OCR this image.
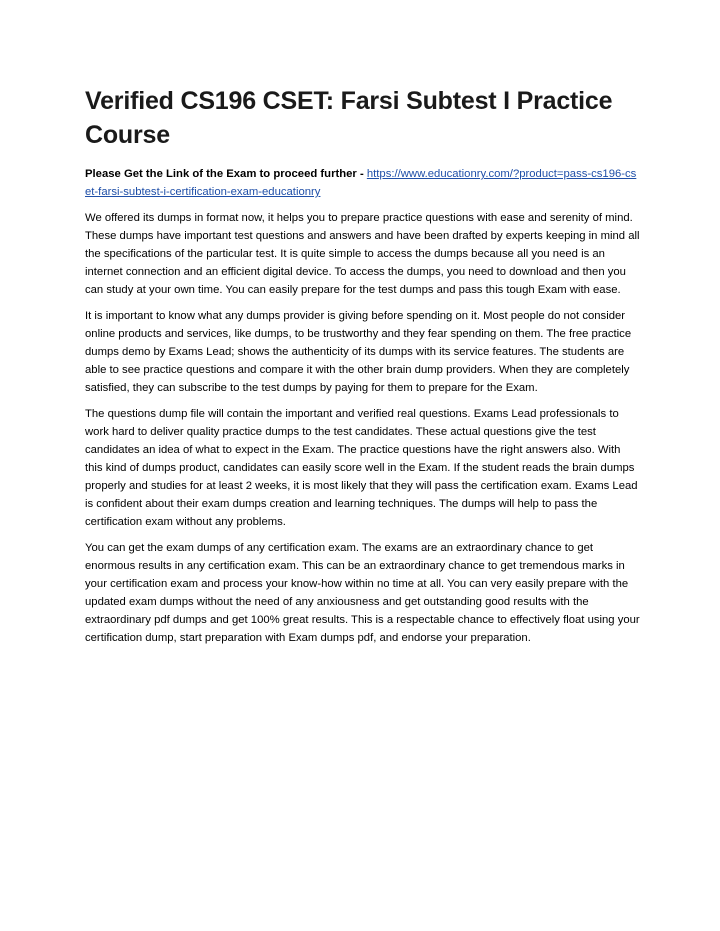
Verified CS196 CSET: Farsi Subtest I Practice Course

Please Get the Link of the Exam to proceed further - https://www.educationry.com/?product=pass-cs196-cset-farsi-subtest-i-certification-exam-educationry

We offered its dumps in format now, it helps you to prepare practice questions with ease and serenity of mind. These dumps have important test questions and answers and have been drafted by experts keeping in mind all the specifications of the particular test. It is quite simple to access the dumps because all you need is an internet connection and an efficient digital device. To access the dumps, you need to download and then you can study at your own time. You can easily prepare for the test dumps and pass this tough Exam with ease.

It is important to know what any dumps provider is giving before spending on it. Most people do not consider online products and services, like dumps, to be trustworthy and they fear spending on them. The free practice dumps demo by Exams Lead; shows the authenticity of its dumps with its service features. The students are able to see practice questions and compare it with the other brain dump providers. When they are completely satisfied, they can subscribe to the test dumps by paying for them to prepare for the Exam.

The questions dump file will contain the important and verified real questions. Exams Lead professionals to work hard to deliver quality practice dumps to the test candidates. These actual questions give the test candidates an idea of what to expect in the Exam. The practice questions have the right answers also. With this kind of dumps product, candidates can easily score well in the Exam. If the student reads the brain dumps properly and studies for at least 2 weeks, it is most likely that they will pass the certification exam. Exams Lead is confident about their exam dumps creation and learning techniques. The dumps will help to pass the certification exam without any problems.

You can get the exam dumps of any certification exam. The exams are an extraordinary chance to get enormous results in any certification exam. This can be an extraordinary chance to get tremendous marks in your certification exam and process your know-how within no time at all. You can very easily prepare with the updated exam dumps without the need of any anxiousness and get outstanding good results with the extraordinary pdf dumps and get 100% great results. This is a respectable chance to effectively float using your certification dump, start preparation with Exam dumps pdf, and endorse your preparation.
